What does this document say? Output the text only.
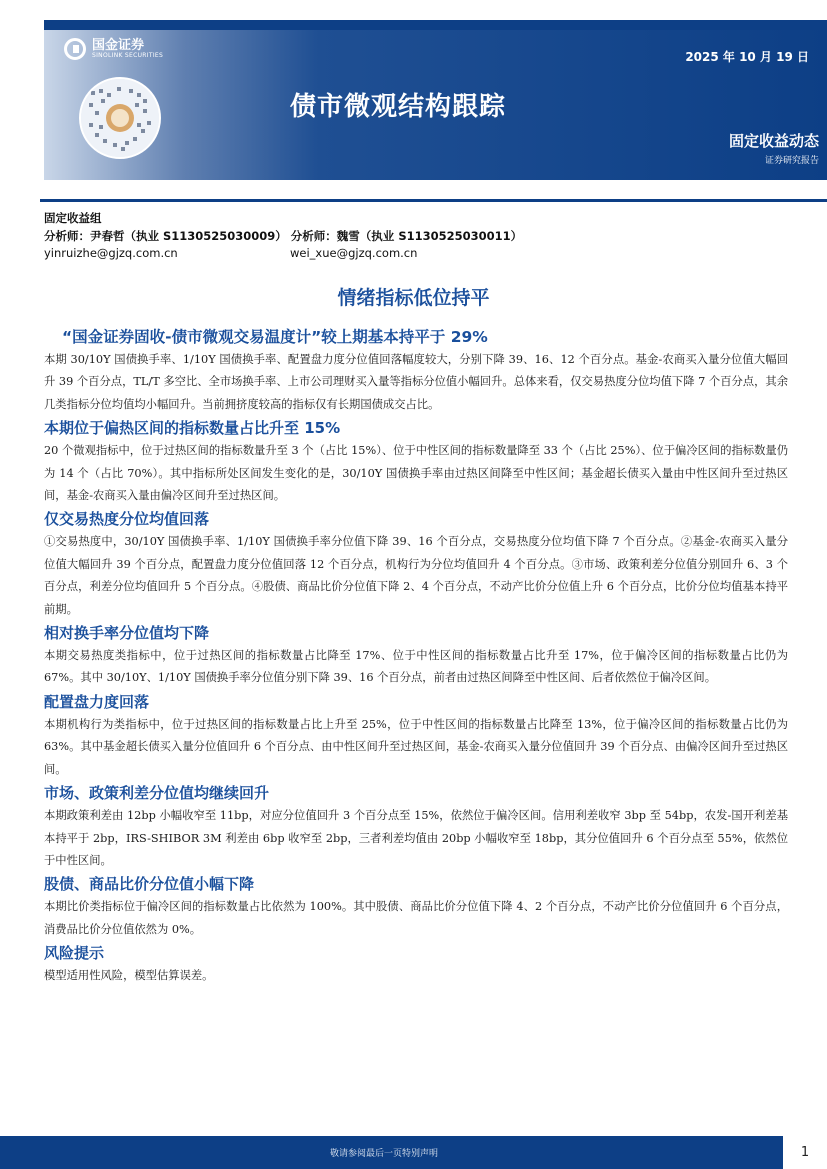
国金证券
SINOLINK SECURITIES	2025 年 10 月 19 日
债市微观结构跟踪
固定收益动态
证券研究报告
固定收益组
分析师：尹春哲（执业 S1130525030009） 分析师：魏雪（执业 S1130525030011）
yinruizhe@gjzq.com.cn	wei_xue@gjzq.com.cn
情绪指标低位持平
“国金证券固收-债市微观交易温度计”较上期基本持平于 29%

本期 30/10Y 国债换手率、1/10Y 国债换手率、配置盘力度分位值回落幅度较大，分别下降 39、16、12 个百分点。基金-农商买入量分位值大幅回升 39 个百分点，TL/T 多空比、全市场换手率、上市公司理财买入量等指标分位值小幅回升。总体来看，仅交易热度分位均值下降 7 个百分点，其余几类指标分位均值均小幅回升。当前拥挤度较高的指标仅有长期国债成交占比。

本期位于偏热区间的指标数量占比升至 15%

20 个微观指标中，位于过热区间的指标数量升至 3 个（占比 15%）、位于中性区间的指标数量降至 33 个（占比 25%）、位于偏冷区间的指标数量仍为 14 个（占比 70%）。其中指标所处区间发生变化的是，30/10Y 国债换手率由过热区间降至中性区间；基金超长债买入量由中性区间升至过热区间，基金-农商买入量由偏冷区间升至过热区间。

仅交易热度分位均值回落

①交易热度中，30/10Y 国债换手率、1/10Y 国债换手率分位值下降 39、16 个百分点，交易热度分位均值下降 7 个百分点。②基金-农商买入量分位值大幅回升 39 个百分点，配置盘力度分位值回落 12 个百分点，机构行为分位均值回升 4 个百分点。③市场、政策利差分位值分别回升 6、3 个百分点，利差分位均值回升 5 个百分点。④股债、商品比价分位值下降 2、4 个百分点，不动产比价分位值上升 6 个百分点，比价分位均值基本持平前期。

相对换手率分位值均下降

本期交易热度类指标中，位于过热区间的指标数量占比降至 17%、位于中性区间的指标数量占比升至 17%，位于偏冷区间的指标数量占比仍为 67%。其中 30/10Y、1/10Y 国债换手率分位值分别下降 39、16 个百分点，前者由过热区间降至中性区间、后者依然位于偏冷区间。

配置盘力度回落

本期机构行为类指标中，位于过热区间的指标数量占比上升至 25%，位于中性区间的指标数量占比降至 13%，位于偏冷区间的指标数量占比仍为 63%。其中基金超长债买入量分位值回升 6 个百分点、由中性区间升至过热区间，基金-农商买入量分位值回升 39 个百分点、由偏冷区间升至过热区间。

市场、政策利差分位值均继续回升

本期政策利差由 12bp 小幅收窄至 11bp，对应分位值回升 3 个百分点至 15%，依然位于偏冷区间。信用利差收窄 3bp 至 54bp，农发-国开利差基本持平于 2bp，IRS-SHIBOR 3M 利差由 6bp 收窄至 2bp，三者利差均值由 20bp 小幅收窄至 18bp，其分位值回升 6 个百分点至 55%，依然位于中性区间。

股债、商品比价分位值小幅下降

本期比价类指标位于偏冷区间的指标数量占比依然为 100%。其中股债、商品比价分位值下降 4、2 个百分点，不动产比价分位值回升 6 个百分点，消费品比价分位值依然为 0%。

风险提示

模型适用性风险，模型估算误差。

敬请参阅最后一页特别声明	1
